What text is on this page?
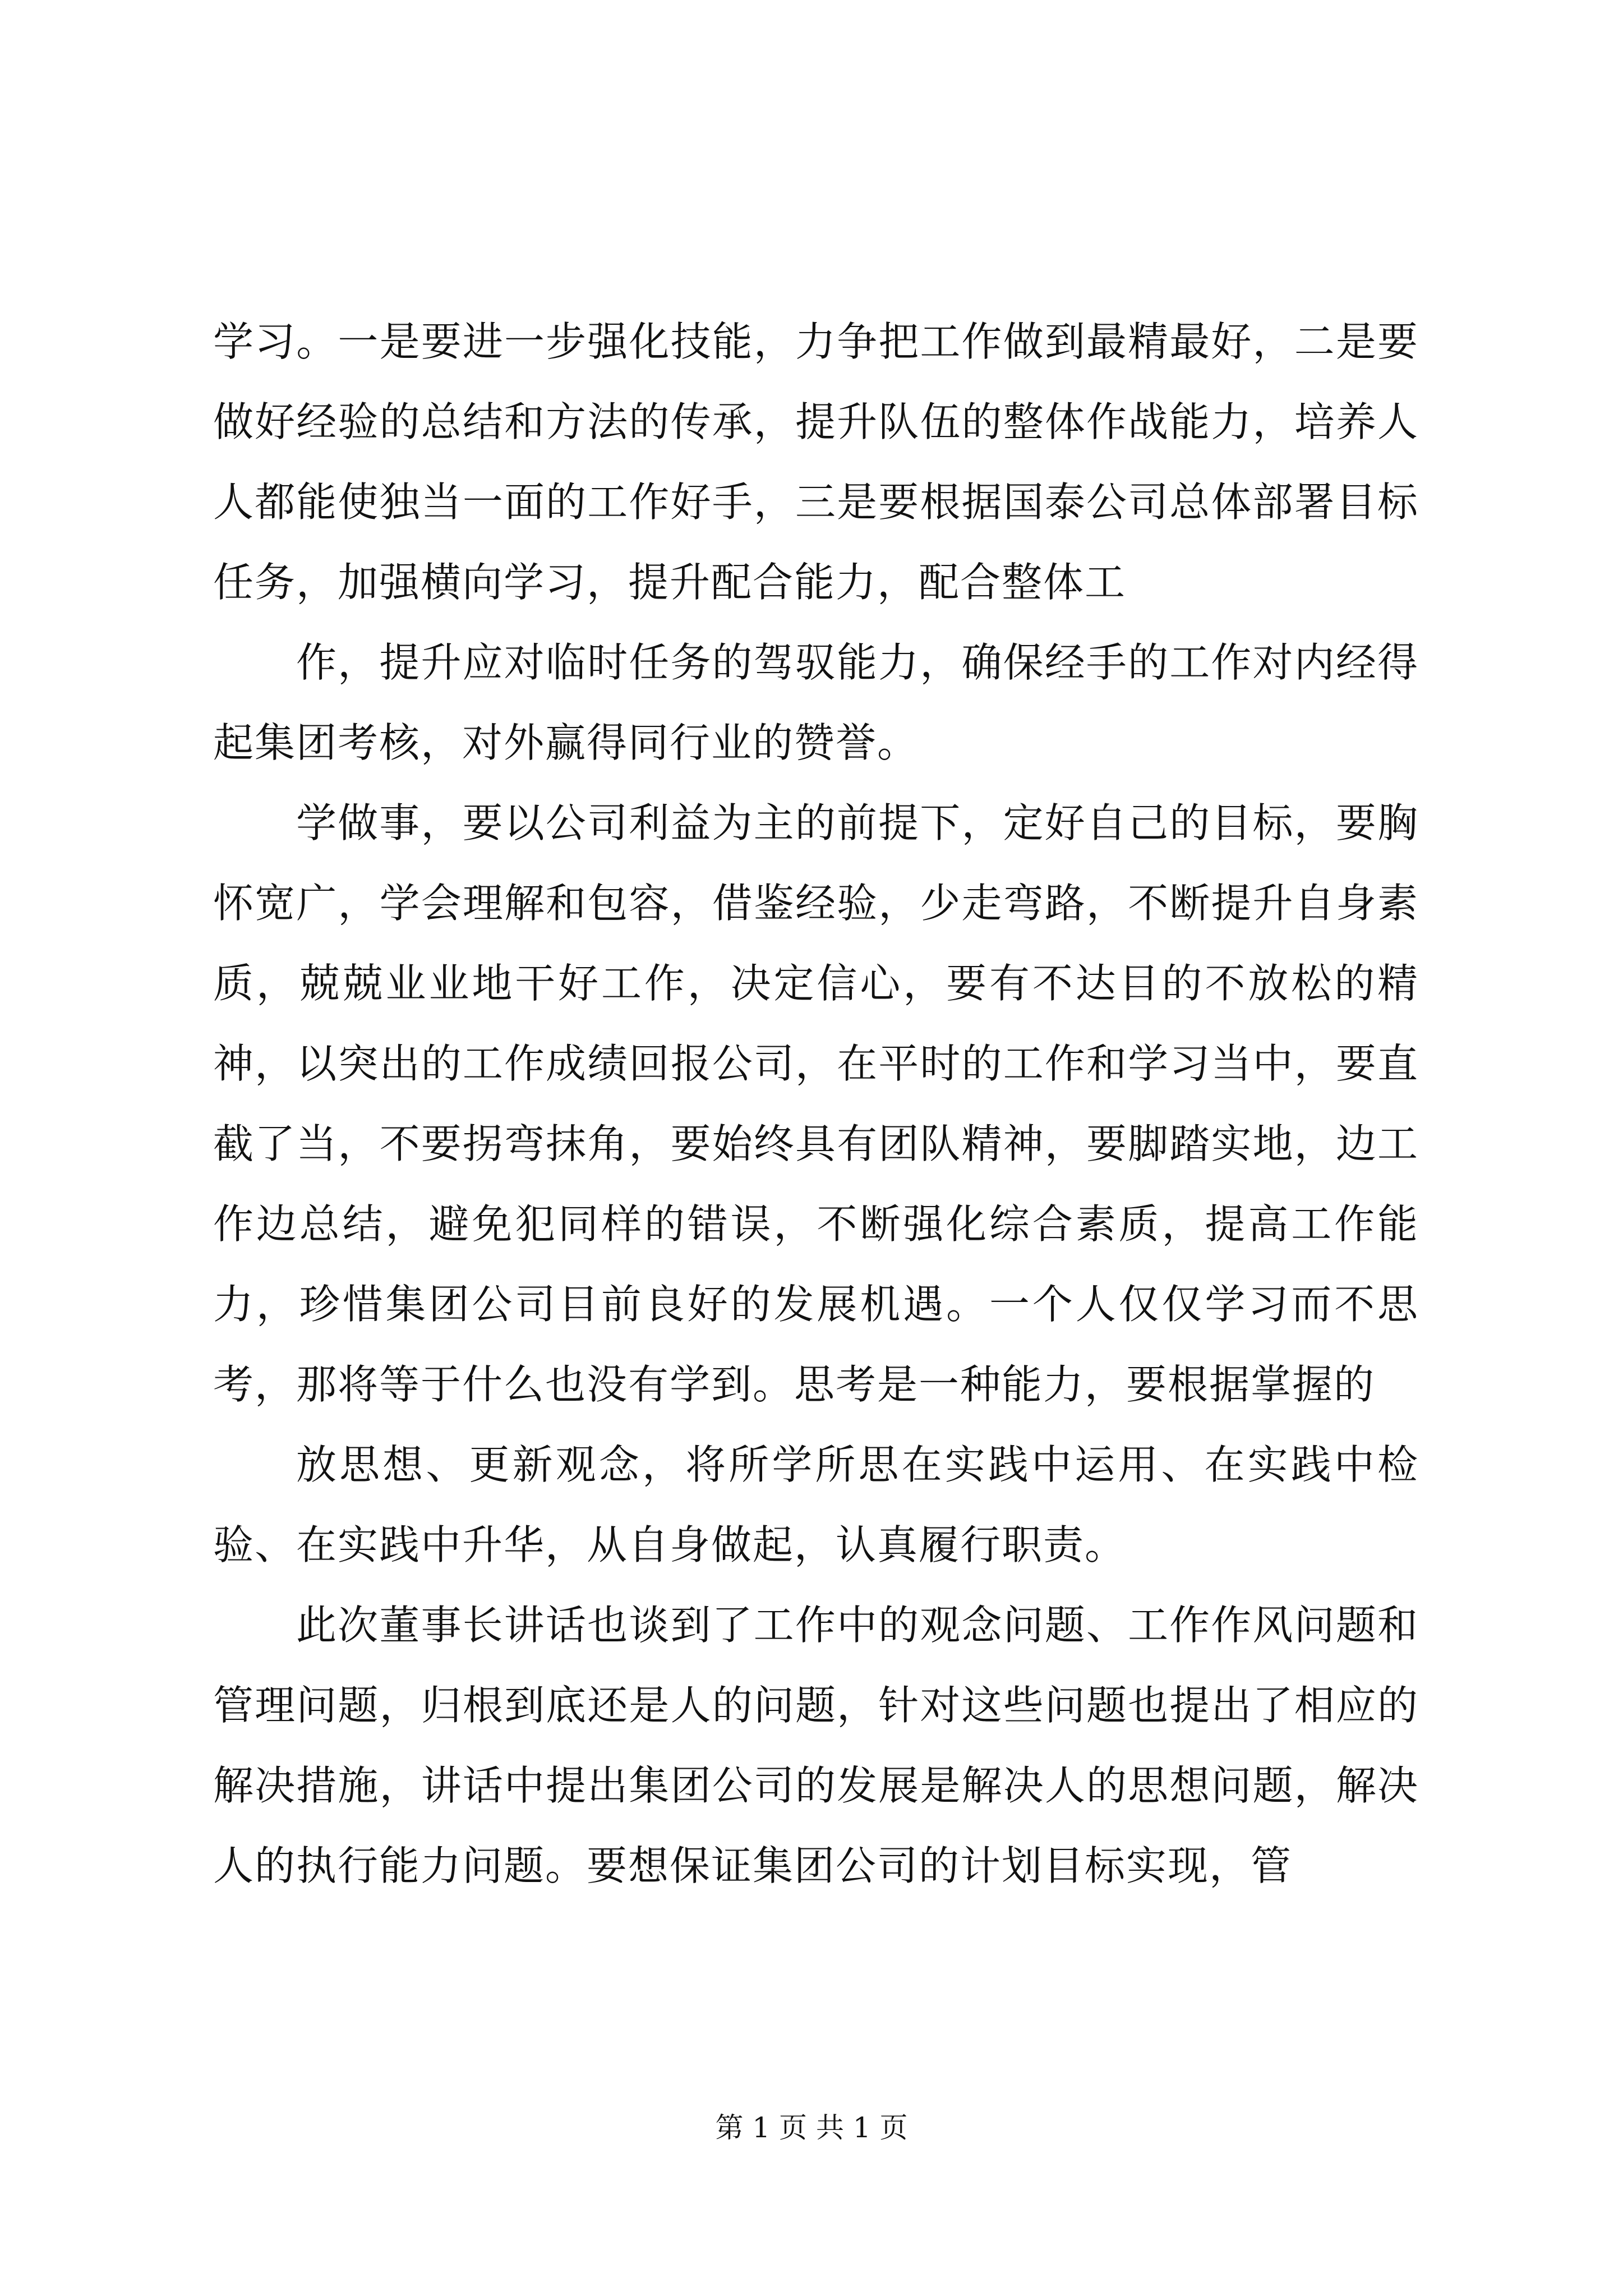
学习。一是要进一步强化技能，力争把工作做到最精最好，二是要做好经验的总结和方法的传承，提升队伍的整体作战能力，培养人人都能使独当一面的工作好手，三是要根据国泰公司总体部署目标任务，加强横向学习，提升配合能力，配合整体工

作，提升应对临时任务的驾驭能力，确保经手的工作对内经得起集团考核，对外赢得同行业的赞誉。

学做事，要以公司利益为主的前提下，定好自己的目标，要胸怀宽广，学会理解和包容，借鉴经验，少走弯路，不断提升自身素质，兢兢业业地干好工作，决定信心，要有不达目的不放松的精神，以突出的工作成绩回报公司，在平时的工作和学习当中，要直截了当，不要拐弯抹角，要始终具有团队精神，要脚踏实地，边工作边总结，避免犯同样的错误，不断强化综合素质，提高工作能力，珍惜集团公司目前良好的发展机遇。一个人仅仅学习而不思考，那将等于什么也没有学到。思考是一种能力，要根据掌握的

放思想、更新观念，将所学所思在实践中运用、在实践中检验、在实践中升华，从自身做起，认真履行职责。

此次董事长讲话也谈到了工作中的观念问题、工作作风问题和管理问题，归根到底还是人的问题，针对这些问题也提出了相应的解决措施，讲话中提出集团公司的发展是解决人的思想问题，解决人的执行能力问题。要想保证集团公司的计划目标实现，管

第 1 页 共 1 页
